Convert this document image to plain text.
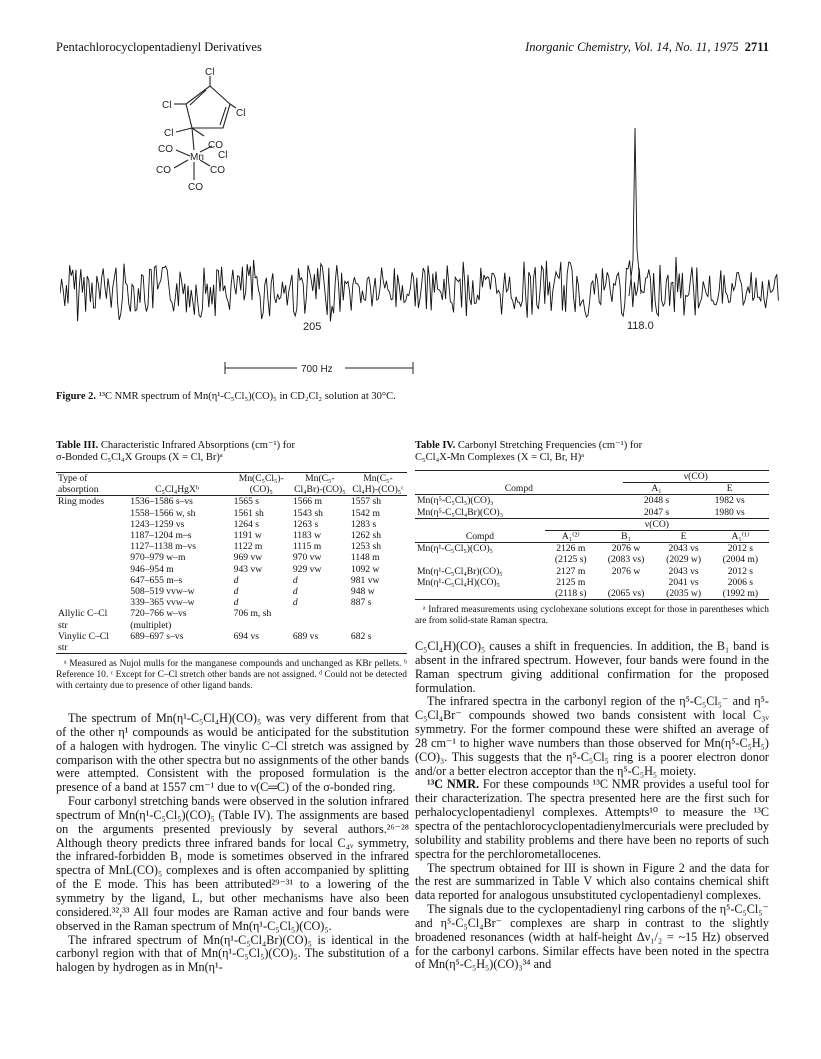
Pentachlorocyclopentadienyl Derivatives	Inorganic Chemistry, Vol. 14, No. 11, 1975 2711
Cl
Cl
Cl
Cl
Cl
CO	CO
CO	CO
CO
Mn
205	118.0
700 Hz
Figure 2. ¹³C NMR spectrum of Mn(η¹-C₅Cl₅)(CO)₅ in CD₂Cl₂ solution at 30°C.
Table III. Characteristic Infrared Absorptions (cm⁻¹) for
σ-Bonded C₅Cl₄X Groups (X = Cl, Br)ᵃ

Type of absorption	C₅Cl₄HgXᵇ	Mn(C₅Cl₅)-(CO)₅	Mn(C₅-Cl₄Br)-(CO)₅	Mn(C₅-Cl₄H)-(CO)₅ᶜ
Ring modes	1536–1586 s–vs	1565 s	1566 m	1557 sh
	1558–1566 w, sh	1561 sh	1543 sh	1542 m
	1243–1259 vs	1264 s	1263 s	1283 s
	1187–1204 m–s	1191 w	1183 w	1262 sh
	1127–1138 m–vs	1122 m	1115 m	1253 sh
	970–979 w–m	969 vw	970 vw	1148 m
	946–954 m	943 vw	929 vw	1092 w
	647–655 m–s	d	d	981 vw
	508–519 vvw–w	d	d	948 w
	339–365 vvw–w	d	d	887 s
Allylic C–Cl	720–766 w–vs	706 m, sh		
str	(multiplet)			
Vinylic C–Cl	689–697 s–vs	694 vs	689 vs	682 s
str				

ᵃ Measured as Nujol mulls for the manganese compounds and unchanged as KBr pellets. ᵇ Reference 10. ᶜ Except for C–Cl stretch other bands are not assigned. ᵈ Could not be detected with certainty due to presence of other ligand bands.
Table IV. Carbonyl Stretching Frequencies (cm⁻¹) for
C₅Cl₄X-Mn Complexes (X = Cl, Br, H)ᵃ

	ν(CO)	
Compd	A₁	E

Mn(η⁵-C₅Cl₅)(CO)₃	2048 s	1982 vs
Mn(η⁵-C₅Cl₄Br)(CO)₃	2047 s	1980 vs

	ν(CO)			
Compd	A₁⁽²⁾	B₁	E	A₁⁽¹⁾

Mn(η¹-C₅Cl₅)(CO)₅	2126 m	2076 w	2043 vs	2012 s
	(2125 s)	(2083 vs)	(2029 w)	(2004 m)
Mn(η¹-C₅Cl₄Br)(CO)₅	2127 m	2076 w	2043 vs	2012 s
Mn(η¹-C₅Cl₄H)(CO)₅	2125 m		2041 vs	2006 s
	(2118 s)	(2065 vs)	(2035 w)	(1992 m)

ᵃ Infrared measurements using cyclohexane solutions except for those in parentheses which are from solid-state Raman spectra.

The spectrum of Mn(η¹-C₅Cl₄H)(CO)₅ was very different from that of the other η¹ compounds as would be anticipated for the substitution of a halogen with hydrogen. The vinylic C–Cl stretch was assigned by comparison with the other spectra but no assignments of the other bands were attempted. Consistent with the proposed formulation is the presence of a band at 1557 cm⁻¹ due to ν(C═C) of the σ-bonded ring.

Four carbonyl stretching bands were observed in the solution infrared spectrum of Mn(η¹-C₅Cl₅)(CO)₅ (Table IV). The assignments are based on the arguments presented previously by several authors.²⁶⁻²⁸ Although theory predicts three infrared bands for local C₄ᵥ symmetry, the infrared-forbidden B₁ mode is sometimes observed in the infrared spectra of MnL(CO)₅ complexes and is often accompanied by splitting of the E mode. This has been attributed²⁹⁻³¹ to a lowering of the symmetry by the ligand, L, but other mechanisms have also been considered.³²,³³ All four modes are Raman active and four bands were observed in the Raman spectrum of Mn(η¹-C₅Cl₅)(CO)₅.

The infrared spectrum of Mn(η¹-C₅Cl₄Br)(CO)₅ is identical in the carbonyl region with that of Mn(η¹-C₅Cl₅)(CO)₅. The substitution of a halogen by hydrogen as in Mn(η¹-

C₅Cl₄H)(CO)₅ causes a shift in frequencies. In addition, the B₁ band is absent in the infrared spectrum. However, four bands were found in the Raman spectrum giving additional confirmation for the proposed formulation.

The infrared spectra in the carbonyl region of the η⁵-C₅Cl₅⁻ and η⁵-C₅Cl₄Br⁻ compounds showed two bands consistent with local C₃ᵥ symmetry. For the former compound these were shifted an average of 28 cm⁻¹ to higher wave numbers than those observed for Mn(η⁵-C₅H₅)(CO)₃. This suggests that the η⁵-C₅Cl₅ ring is a poorer electron donor and/or a better electron acceptor than the η⁵-C₅H₅ moiety.

¹³C NMR. For these compounds ¹³C NMR provides a useful tool for their characterization. The spectra presented here are the first such for perhalocyclopentadienyl complexes. Attempts¹⁰ to measure the ¹³C spectra of the pentachlorocyclopentadienylmercurials were precluded by solubility and stability problems and there have been no reports of such spectra for the perchlorometallocenes.

The spectrum obtained for III is shown in Figure 2 and the data for the rest are summarized in Table V which also contains chemical shift data reported for analogous unsubstituted cyclopentadienyl complexes.

The signals due to the cyclopentadienyl ring carbons of the η⁵-C₅Cl₅⁻ and η⁵-C₅Cl₄Br⁻ complexes are sharp in contrast to the slightly broadened resonances (width at half-height Δν₁/₂ = ~15 Hz) observed for the carbonyl carbons. Similar effects have been noted in the spectra of Mn(η⁵-C₅H₅)(CO)₃³⁴ and
